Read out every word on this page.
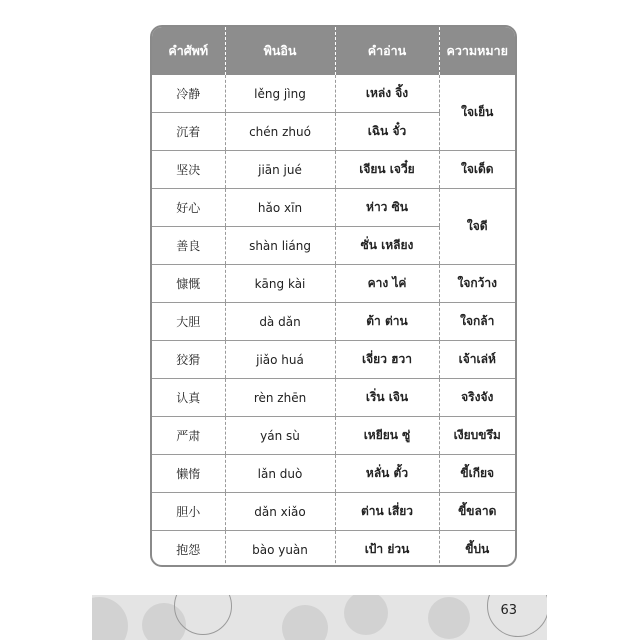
คำศัพท์	พินอิน	คำอ่าน	ความหมาย
冷静	lěng jìng	เหล่ง จิ้ง	ใจเย็น
沉着	chén zhuó	เฉิน จั๋ว	
坚决	jiān jué	เจียน เจวี๋ย	ใจเด็ด
好心	hǎo xīn	ห่าว ซิน	ใจดี
善良	shàn liáng	ซั่น เหลียง	
慷慨	kāng kài	คาง ไค่	ใจกว้าง
大胆	dà dǎn	ต้า ต่าน	ใจกล้า
狡猾	jiǎo huá	เจี่ยว ฮวา	เจ้าเล่ห์
认真	rèn zhēn	เริ่น เจิน	จริงจัง
严肃	yán sù	เหยียน ซู่	เงียบขรึม
懒惰	lǎn duò	หลั่น ตั้ว	ขี้เกียจ
胆小	dǎn xiǎo	ต่าน เสี่ยว	ขี้ขลาด
抱怨	bào yuàn	เป้า ย่วน	ขี้บ่น
63
